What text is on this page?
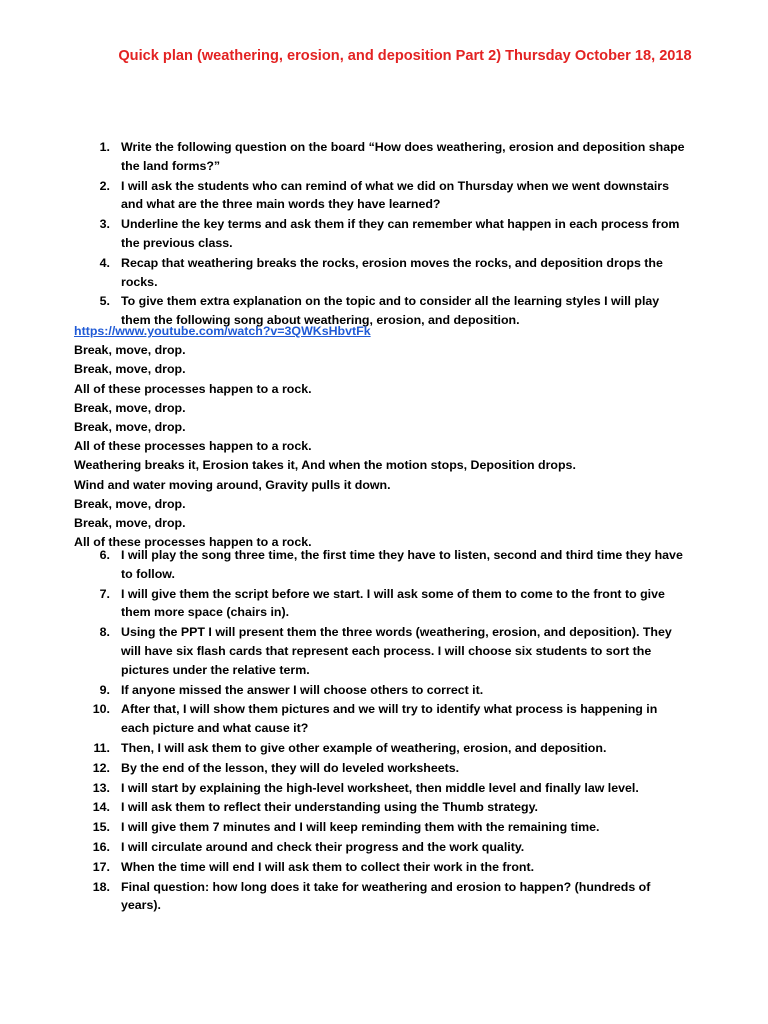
Quick plan (weathering, erosion, and deposition Part 2) Thursday October 18, 2018
1. Write the following question on the board “How does weathering, erosion and deposition shape the land forms?”
2. I will ask the students who can remind of what we did on Thursday when we went downstairs and what are the three main words they have learned?
3. Underline the key terms and ask them if they can remember what happen in each process from the previous class.
4. Recap that weathering breaks the rocks, erosion moves the rocks, and deposition drops the rocks.
5. To give them extra explanation on the topic and to consider all the learning styles I will play them the following song about weathering, erosion, and deposition.
https://www.youtube.com/watch?v=3QWKsHbvtFk
Break, move, drop.
Break, move, drop.
All of these processes happen to a rock.
Break, move, drop.
Break, move, drop.
All of these processes happen to a rock.
Weathering breaks it, Erosion takes it, And when the motion stops, Deposition drops.
Wind and water moving around, Gravity pulls it down.
Break, move, drop.
Break, move, drop.
All of these processes happen to a rock.
6. I will play the song three time, the first time they have to listen, second and third time they have to follow.
7. I will give them the script before we start. I will ask some of them to come to the front to give them more space (chairs in).
8. Using the PPT I will present them the three words (weathering, erosion, and deposition). They will have six flash cards that represent each process. I will choose six students to sort the pictures under the relative term.
9. If anyone missed the answer I will choose others to correct it.
10. After that, I will show them pictures and we will try to identify what process is happening in each picture and what cause it?
11. Then, I will ask them to give other example of weathering, erosion, and deposition.
12. By the end of the lesson, they will do leveled worksheets.
13. I will start by explaining the high-level worksheet, then middle level and finally law level.
14. I will ask them to reflect their understanding using the Thumb strategy.
15. I will give them 7 minutes and I will keep reminding them with the remaining time.
16. I will circulate around and check their progress and the work quality.
17. When the time will end I will ask them to collect their work in the front.
18. Final question: how long does it take for weathering and erosion to happen? (hundreds of years).
